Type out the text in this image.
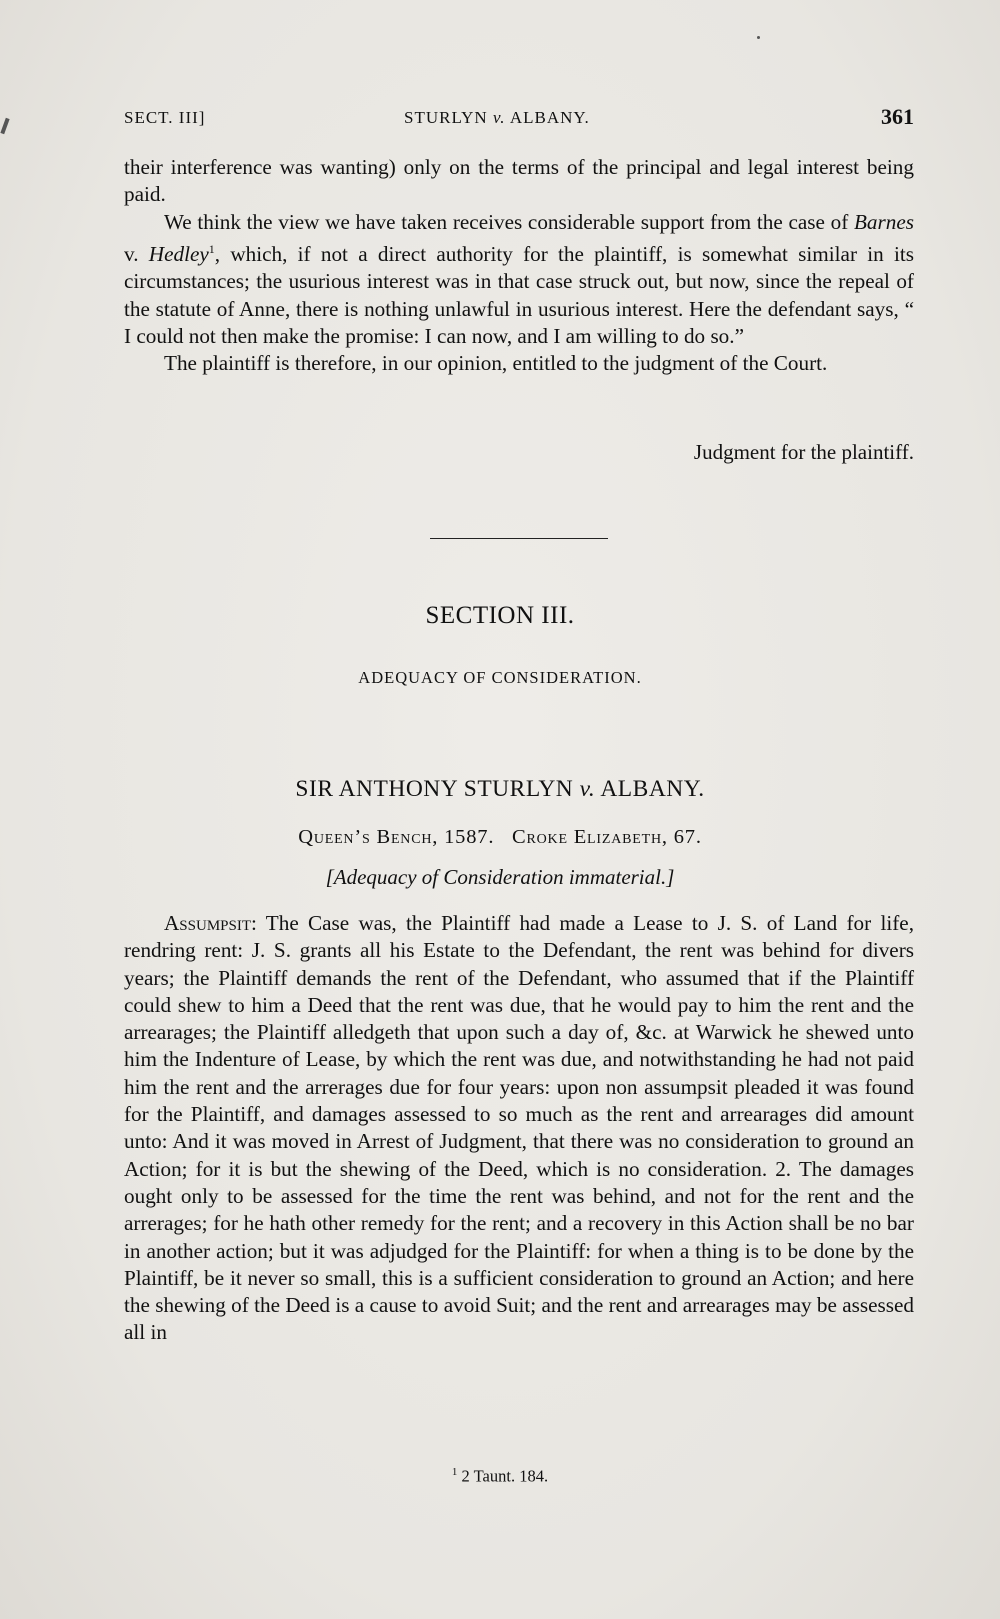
SECT. III]	STURLYN v. ALBANY.	361

their interference was wanting) only on the terms of the principal and legal interest being paid.

We think the view we have taken receives considerable support from the case of Barnes v. Hedley$^1$, which, if not a direct authority for the plaintiff, is somewhat similar in its circumstances; the usurious interest was in that case struck out, but now, since the repeal of the statute of Anne, there is nothing unlawful in usurious interest. Here the defendant says, “ I could not then make the promise: I can now, and I am willing to do so.”

The plaintiff is therefore, in our opinion, entitled to the judgment of the Court.

Judgment for the plaintiff.
SECTION III.
ADEQUACY OF CONSIDERATION.
SIR ANTHONY STURLYN v. ALBANY.
Queen’s Bench, 1587. Croke Elizabeth, 67.
[Adequacy of Consideration immaterial.]

Assumpsit: The Case was, the Plaintiff had made a Lease to J. S. of Land for life, rendring rent: J. S. grants all his Estate to the Defendant, the rent was behind for divers years; the Plaintiff demands the rent of the Defendant, who assumed that if the Plaintiff could shew to him a Deed that the rent was due, that he would pay to him the rent and the arrearages; the Plaintiff alledgeth that upon such a day of, &c. at Warwick he shewed unto him the Indenture of Lease, by which the rent was due, and notwithstanding he had not paid him the rent and the arrerages due for four years: upon non assumpsit pleaded it was found for the Plaintiff, and damages assessed to so much as the rent and arrearages did amount unto: And it was moved in Arrest of Judgment, that there was no consideration to ground an Action; for it is but the shewing of the Deed, which is no consideration. 2. The damages ought only to be assessed for the time the rent was behind, and not for the rent and the arrerages; for he hath other remedy for the rent; and a recovery in this Action shall be no bar in another action; but it was adjudged for the Plaintiff: for when a thing is to be done by the Plaintiff, be it never so small, this is a sufficient consideration to ground an Action; and here the shewing of the Deed is a cause to avoid Suit; and the rent and arrearages may be assessed all in

$^1$ 2 Taunt. 184.
